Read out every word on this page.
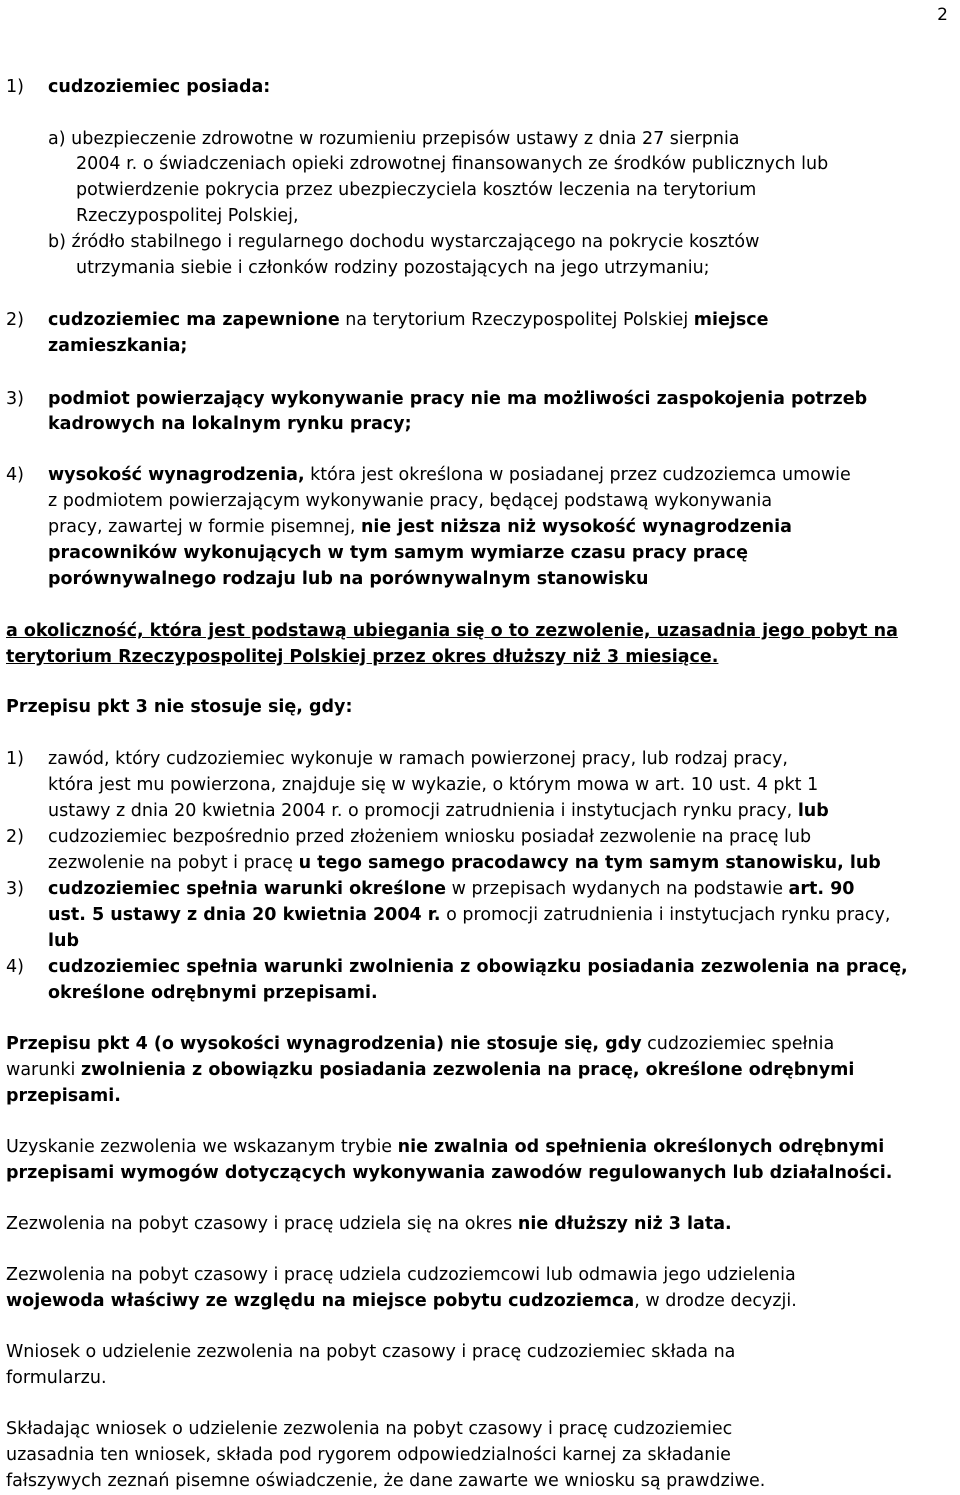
2
1) cudzoziemiec posiada:
a) ubezpieczenie zdrowotne w rozumieniu przepisów ustawy z dnia 27 sierpnia
2004 r. o świadczeniach opieki zdrowotnej finansowanych ze środków publicznych lub
potwierdzenie pokrycia przez ubezpieczyciela kosztów leczenia na terytorium
Rzeczypospolitej Polskiej,
b) źródło stabilnego i regularnego dochodu wystarczającego na pokrycie kosztów
utrzymania siebie i członków rodziny pozostających na jego utrzymaniu;
2) cudzoziemiec ma zapewnione na terytorium Rzeczypospolitej Polskiej miejsce
zamieszkania;
3) podmiot powierzający wykonywanie pracy nie ma możliwości zaspokojenia potrzeb
kadrowych na lokalnym rynku pracy;
4) wysokość wynagrodzenia, która jest określona w posiadanej przez cudzoziemca umowie
z podmiotem powierzającym wykonywanie pracy, będącej podstawą wykonywania
pracy, zawartej w formie pisemnej, nie jest niższa niż wysokość wynagrodzenia
pracowników wykonujących w tym samym wymiarze czasu pracy pracę
porównywalnego rodzaju lub na porównywalnym stanowisku
a okoliczność, która jest podstawą ubiegania się o to zezwolenie, uzasadnia jego pobyt na
terytorium Rzeczypospolitej Polskiej przez okres dłuższy niż 3 miesiące.
Przepisu pkt 3 nie stosuje się, gdy:
1) zawód, który cudzoziemiec wykonuje w ramach powierzonej pracy, lub rodzaj pracy,
która jest mu powierzona, znajduje się w wykazie, o którym mowa w art. 10 ust. 4 pkt 1
ustawy z dnia 20 kwietnia 2004 r. o promocji zatrudnienia i instytucjach rynku pracy, lub
2) cudzoziemiec bezpośrednio przed złożeniem wniosku posiadał zezwolenie na pracę lub
zezwolenie na pobyt i pracę u tego samego pracodawcy na tym samym stanowisku, lub
3) cudzoziemiec spełnia warunki określone w przepisach wydanych na podstawie art. 90
ust. 5 ustawy z dnia 20 kwietnia 2004 r. o promocji zatrudnienia i instytucjach rynku pracy,
lub
4) cudzoziemiec spełnia warunki zwolnienia z obowiązku posiadania zezwolenia na pracę,
określone odrębnymi przepisami.
Przepisu pkt 4 (o wysokości wynagrodzenia) nie stosuje się, gdy cudzoziemiec spełnia
warunki zwolnienia z obowiązku posiadania zezwolenia na pracę, określone odrębnymi
przepisami.
Uzyskanie zezwolenia we wskazanym trybie nie zwalnia od spełnienia określonych odrębnymi
przepisami wymogów dotyczących wykonywania zawodów regulowanych lub działalności.
Zezwolenia na pobyt czasowy i pracę udziela się na okres nie dłuższy niż 3 lata.
Zezwolenia na pobyt czasowy i pracę udziela cudzoziemcowi lub odmawia jego udzielenia
wojewoda właściwy ze względu na miejsce pobytu cudzoziemca, w drodze decyzji.
Wniosek o udzielenie zezwolenia na pobyt czasowy i pracę cudzoziemiec składa na
formularzu.
Składając wniosek o udzielenie zezwolenia na pobyt czasowy i pracę cudzoziemiec
uzasadnia ten wniosek, składa pod rygorem odpowiedzialności karnej za składanie
fałszywych zeznań pisemne oświadczenie, że dane zawarte we wniosku są prawdziwe.
